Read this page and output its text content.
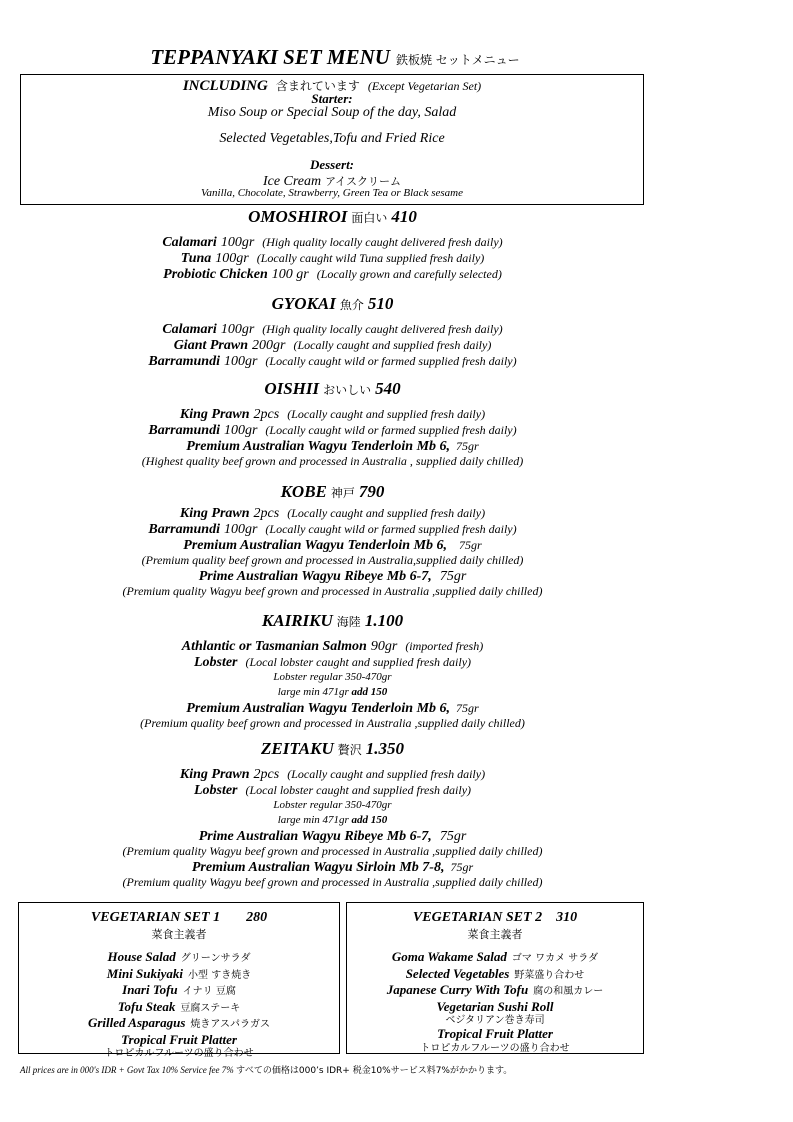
TEPPANYAKI SET MENU 鉄板焼 セットメニュー
INCLUDING 含まれています (Except Vegetarian Set)
Starter:
Miso Soup or Special Soup of the day, Salad
Selected Vegetables,Tofu and Fried Rice
Dessert:
Ice Cream アイスクリーム
Vanilla, Chocolate, Strawberry, Green Tea or Black sesame
OMOSHIROI 面白い 410
Calamari 100gr (High quality locally caught delivered fresh daily)
Tuna 100gr (Locally caught wild Tuna supplied fresh daily)
Probiotic Chicken 100 gr (Locally grown and carefully selected)
GYOKAI 魚介 510
Calamari 100gr (High quality locally caught delivered fresh daily)
Giant Prawn 200gr (Locally caught and supplied fresh daily)
Barramundi 100gr (Locally caught wild or farmed supplied fresh daily)
OISHII おいしい 540
King Prawn 2pcs (Locally caught and supplied fresh daily)
Barramundi 100gr (Locally caught wild or farmed supplied fresh daily)
Premium Australian Wagyu Tenderloin Mb 6, 75gr
(Highest quality beef grown and processed in Australia , supplied daily chilled)
KOBE 神戸 790
King Prawn 2pcs (Locally caught and supplied fresh daily)
Barramundi 100gr (Locally caught wild or farmed supplied fresh daily)
Premium Australian Wagyu Tenderloin Mb 6, 75gr
(Premium quality beef grown and processed in Australia,supplied daily chilled)
Prime Australian Wagyu Ribeye Mb 6-7, 75gr
(Premium quality Wagyu beef grown and processed in Australia ,supplied daily chilled)
KAIRIKU 海陸 1.100
Athlantic or Tasmanian Salmon 90gr (imported fresh)
Lobster (Local lobster caught and supplied fresh daily)
Lobster regular 350-470gr
large min 471gr add 150
Premium Australian Wagyu Tenderloin Mb 6, 75gr
(Premium quality beef grown and processed in Australia ,supplied daily chilled)
ZEITAKU 贅沢 1.350
King Prawn 2pcs (Locally caught and supplied fresh daily)
Lobster (Local lobster caught and supplied fresh daily)
Lobster regular 350-470gr
large min 471gr add 150
Prime Australian Wagyu Ribeye Mb 6-7, 75gr
(Premium quality Wagyu beef grown and processed in Australia ,supplied daily chilled)
Premium Australian Wagyu Sirloin Mb 7-8, 75gr
(Premium quality Wagyu beef grown and processed in Australia ,supplied daily chilled)
VEGETARIAN SET 1 280
菜食主義者
House Salad グリーンサラダ
Mini Sukiyaki 小型 すき焼き
Inari Tofu イナリ 豆腐
Tofu Steak 豆腐ステーキ
Grilled Asparagus 焼きアスパラガス
Tropical Fruit Platter
トロピカルフルーツの盛り合わせ
VEGETARIAN SET 2 310
菜食主義者
Goma Wakame Salad ゴマ ワカメ サラダ
Selected Vegetables 野菜盛り合わせ
Japanese Curry With Tofu 腐の和風カレー
Vegetarian Sushi Roll
ベジタリアン巻き寿司
Tropical Fruit Platter
トロピカルフルーツの盛り合わせ
All prices are in 000's IDR + Govt Tax 10% Service fee 7% すべての価格は000’s IDR+ 税金10%サービス料7%がかかります。
